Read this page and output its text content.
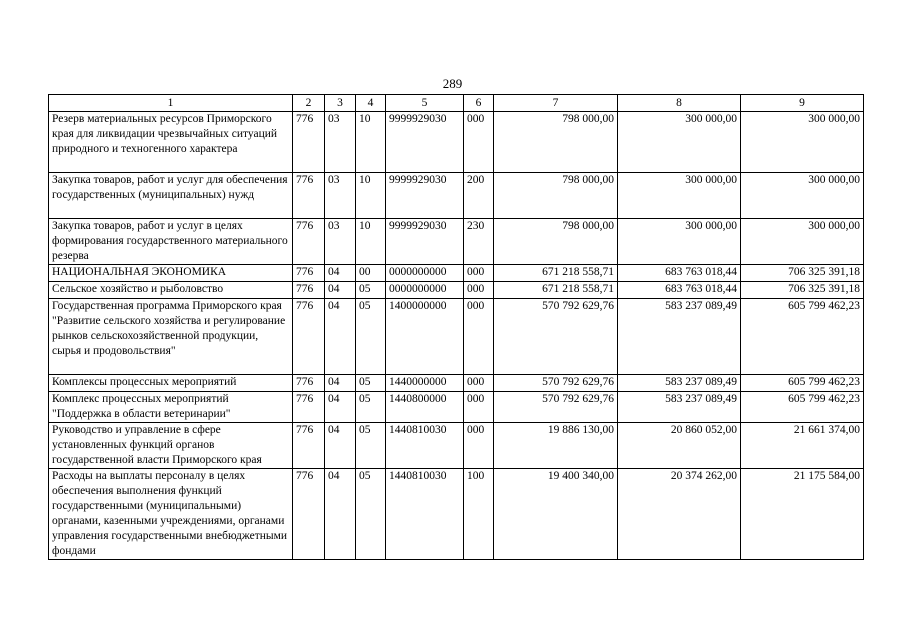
289
1	2	3	4	5	6	7	8	9
Резерв материальных ресурсов Приморского края для ликвидации чрезвычайных ситуаций природного и техногенного характера	776	03	10	9999929030	000	798 000,00	300 000,00	300 000,00
Закупка товаров, работ и услуг для обеспечения государственных (муниципальных) нужд	776	03	10	9999929030	200	798 000,00	300 000,00	300 000,00
Закупка товаров, работ и услуг в целях формирования государственного материального резерва	776	03	10	9999929030	230	798 000,00	300 000,00	300 000,00
НАЦИОНАЛЬНАЯ ЭКОНОМИКА	776	04	00	0000000000	000	671 218 558,71	683 763 018,44	706 325 391,18
Сельское хозяйство и рыболовство	776	04	05	0000000000	000	671 218 558,71	683 763 018,44	706 325 391,18
Государственная программа Приморского края "Развитие сельского хозяйства и регулирование рынков сельскохозяйственной продукции, сырья и продовольствия"	776	04	05	1400000000	000	570 792 629,76	583 237 089,49	605 799 462,23
Комплексы процессных мероприятий	776	04	05	1440000000	000	570 792 629,76	583 237 089,49	605 799 462,23
Комплекс процессных мероприятий "Поддержка в области ветеринарии"	776	04	05	1440800000	000	570 792 629,76	583 237 089,49	605 799 462,23
Руководство и управление в сфере установленных функций органов государственной власти Приморского края	776	04	05	1440810030	000	19 886 130,00	20 860 052,00	21 661 374,00
Расходы на выплаты персоналу в целях обеспечения выполнения функций государственными (муниципальными) органами, казенными учреждениями, органами управления государственными внебюджетными фондами	776	04	05	1440810030	100	19 400 340,00	20 374 262,00	21 175 584,00
